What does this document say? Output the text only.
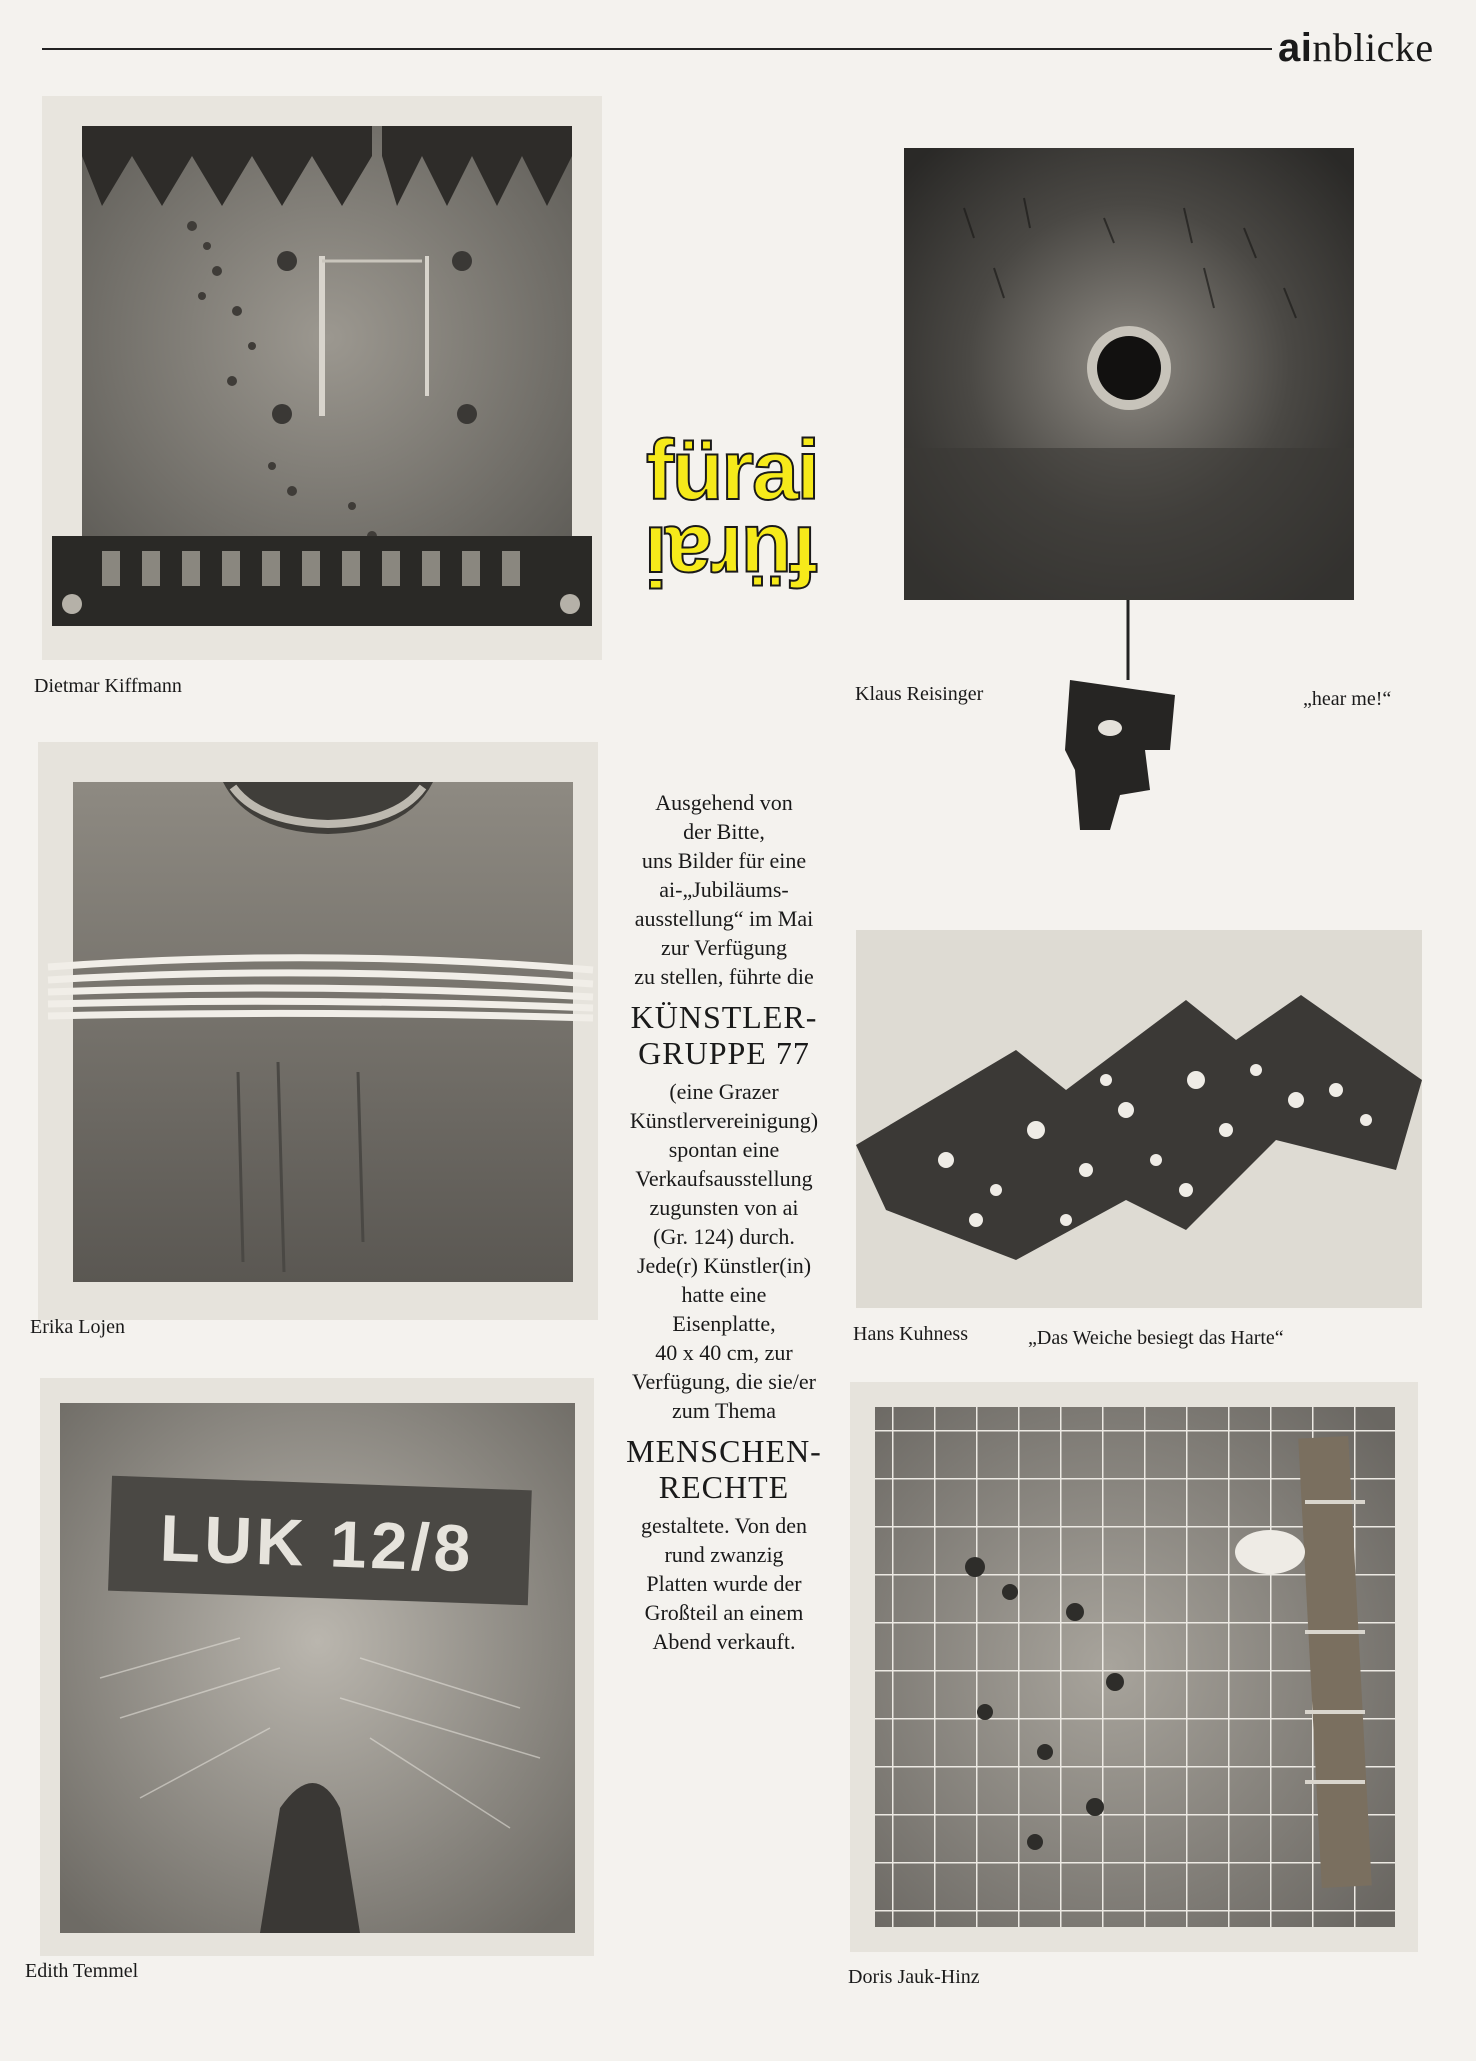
ainblicke
Dietmar Kiffmann
fürai
fürai
Klaus Reisinger	„hear me!“
Erika Lojen

Ausgehend von

der Bitte,

uns Bilder für eine

ai-„Jubiläums-

ausstellung“ im Mai

zur Verfügung

zu stellen, führte die

KÜNSTLER-
GRUPPE 77

(eine Grazer

Künstlervereinigung)

spontan eine

Verkaufsausstellung

zugunsten von ai

(Gr. 124) durch.

Jede(r) Künstler(in)

hatte eine

Eisenplatte,

40 x 40 cm, zur

Verfügung, die sie/er

zum Thema

MENSCHEN-
RECHTE

gestaltete. Von den

rund zwanzig

Platten wurde der

Großteil an einem

Abend verkauft.

Hans Kuhness	„Das Weiche besiegt das Harte“
LUK 12/8
Edith Temmel	Doris Jauk-Hinz
